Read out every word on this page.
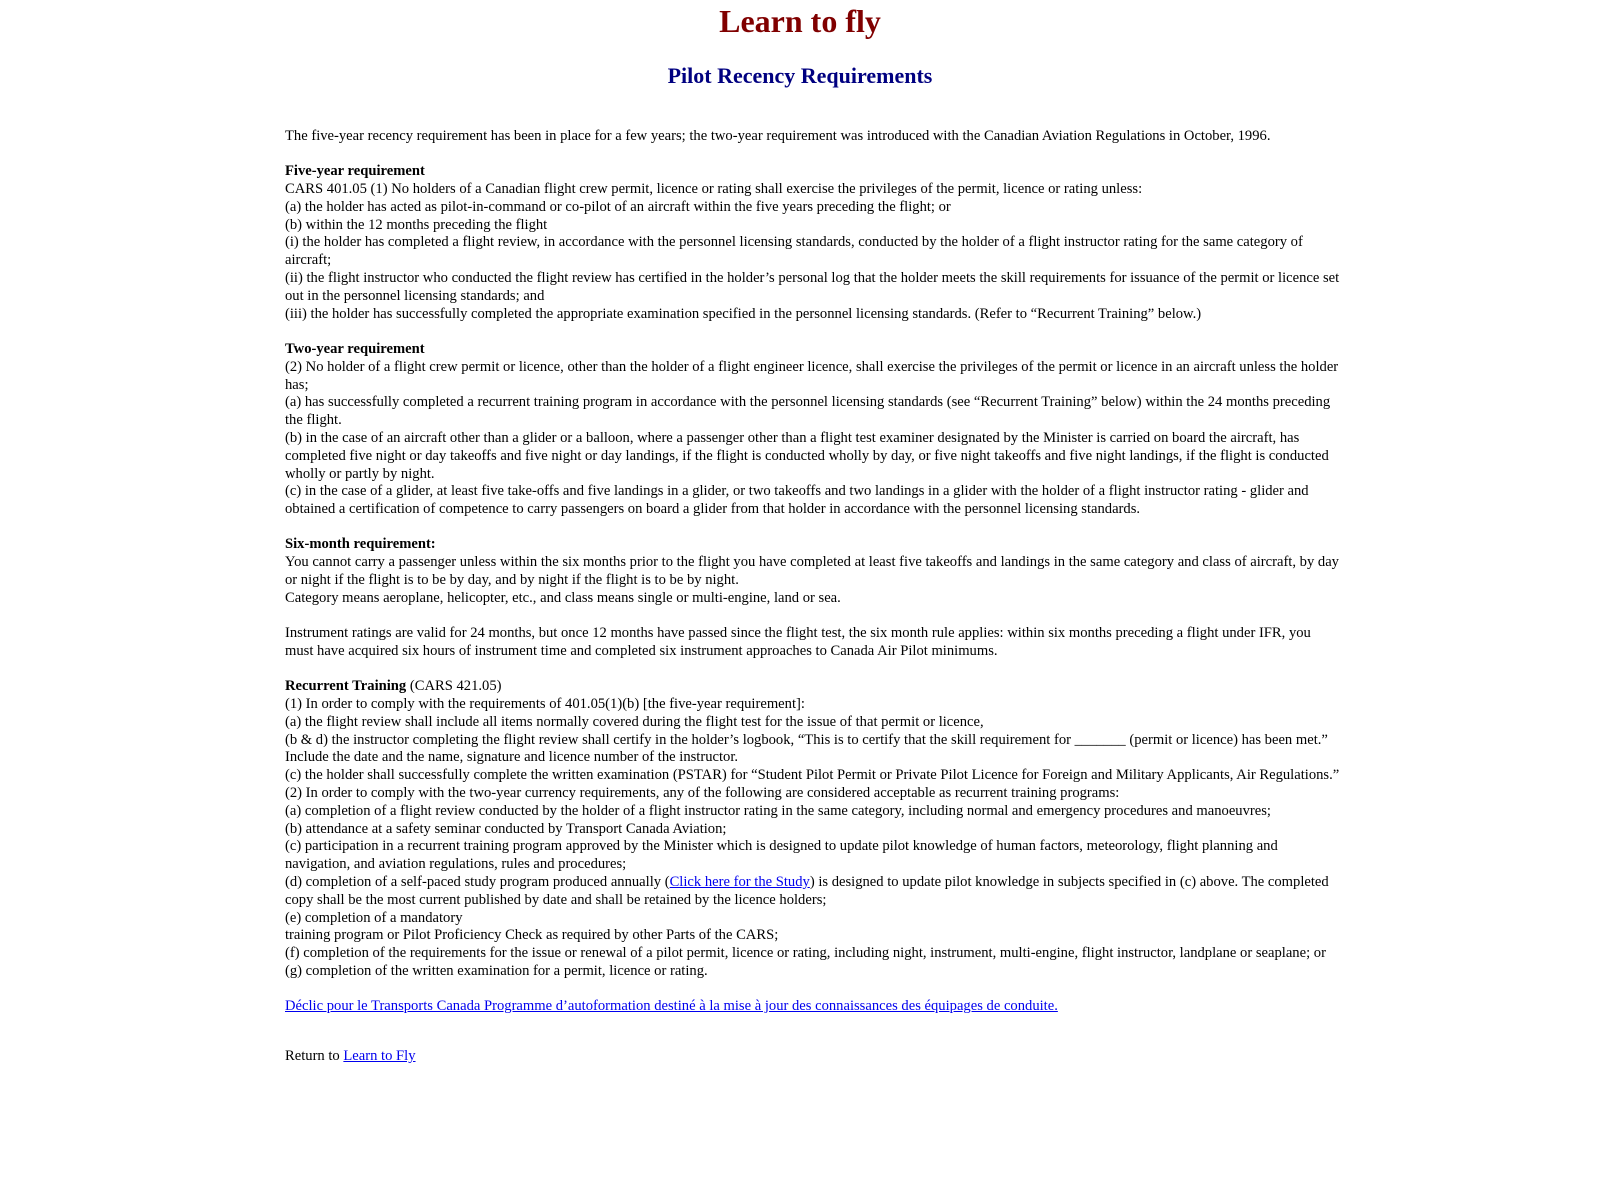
Learn to fly
Pilot Recency Requirements

The five-year recency requirement has been in place for a few years; the two-year requirement was introduced with the Canadian Aviation Regulations in October, 1996.

Five-year requirement
CARS 401.05 (1) No holders of a Canadian flight crew permit, licence or rating shall exercise the privileges of the permit, licence or rating unless:
(a) the holder has acted as pilot-in-command or co-pilot of an aircraft within the five years preceding the flight; or
(b) within the 12 months preceding the flight
(i) the holder has completed a flight review, in accordance with the personnel licensing standards, conducted by the holder of a flight instructor rating for the same category of aircraft;
(ii) the flight instructor who conducted the flight review has certified in the holder’s personal log that the holder meets the skill requirements for issuance of the permit or licence set out in the personnel licensing standards; and
(iii) the holder has successfully completed the appropriate examination specified in the personnel licensing standards. (Refer to “Recurrent Training” below.)

Two-year requirement
(2) No holder of a flight crew permit or licence, other than the holder of a flight engineer licence, shall exercise the privileges of the permit or licence in an aircraft unless the holder has;
(a) has successfully completed a recurrent training program in accordance with the personnel licensing standards (see “Recurrent Training” below) within the 24 months preceding the flight.
(b) in the case of an aircraft other than a glider or a balloon, where a passenger other than a flight test examiner designated by the Minister is carried on board the aircraft, has completed five night or day takeoffs and five night or day landings, if the flight is conducted wholly by day, or five night takeoffs and five night landings, if the flight is conducted wholly or partly by night.
(c) in the case of a glider, at least five take-offs and five landings in a glider, or two takeoffs and two landings in a glider with the holder of a flight instructor rating - glider and obtained a certification of competence to carry passengers on board a glider from that holder in accordance with the personnel licensing standards.

Six-month requirement:
You cannot carry a passenger unless within the six months prior to the flight you have completed at least five takeoffs and landings in the same category and class of aircraft, by day or night if the flight is to be by day, and by night if the flight is to be by night.
Category means aeroplane, helicopter, etc., and class means single or multi-engine, land or sea.

Instrument ratings are valid for 24 months, but once 12 months have passed since the flight test, the six month rule applies: within six months preceding a flight under IFR, you must have acquired six hours of instrument time and completed six instrument approaches to Canada Air Pilot minimums.

Recurrent Training (CARS 421.05)
(1) In order to comply with the requirements of 401.05(1)(b) [the five-year requirement]:
(a) the flight review shall include all items normally covered during the flight test for the issue of that permit or licence,
(b & d) the instructor completing the flight review shall certify in the holder’s logbook, “This is to certify that the skill requirement for _______ (permit or licence) has been met.” Include the date and the name, signature and licence number of the instructor.
(c) the holder shall successfully complete the written examination (PSTAR) for “Student Pilot Permit or Private Pilot Licence for Foreign and Military Applicants, Air Regulations.”
(2) In order to comply with the two-year currency requirements, any of the following are considered acceptable as recurrent training programs:
(a) completion of a flight review conducted by the holder of a flight instructor rating in the same category, including normal and emergency procedures and manoeuvres;
(b) attendance at a safety seminar conducted by Transport Canada Aviation;
(c) participation in a recurrent training program approved by the Minister which is designed to update pilot knowledge of human factors, meteorology, flight planning and navigation, and aviation regulations, rules and procedures;
(d) completion of a self-paced study program produced annually (Click here for the Study) is designed to update pilot knowledge in subjects specified in (c) above. The completed copy shall be the most current published by date and shall be retained by the licence holders;
(e) completion of a mandatory
training program or Pilot Proficiency Check as required by other Parts of the CARS;
(f) completion of the requirements for the issue or renewal of a pilot permit, licence or rating, including night, instrument, multi-engine, flight instructor, landplane or seaplane; or
(g) completion of the written examination for a permit, licence or rating.

Déclic pour le Transports Canada Programme d’autoformation destiné à la mise à jour des connaissances des équipages de conduite.

Return to Learn to Fly
